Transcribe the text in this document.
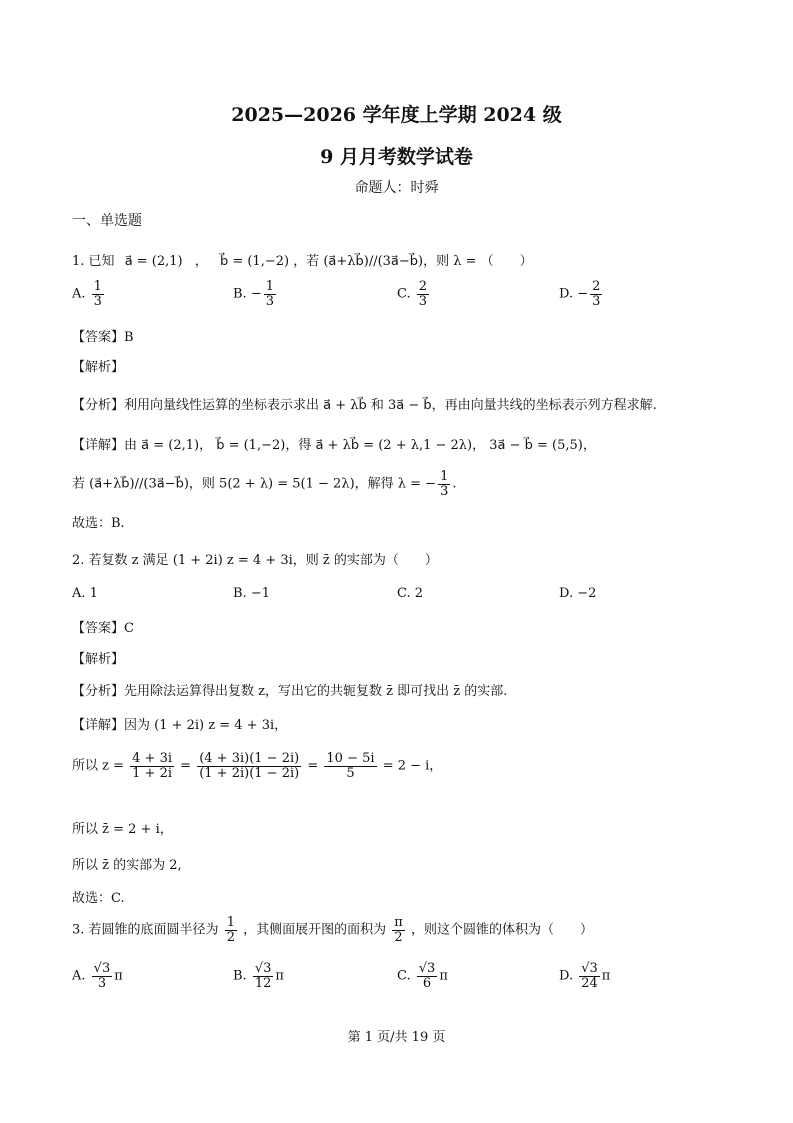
2025—2026 学年度上学期 2024 级
9 月月考数学试卷
命题人：时舜
一、单选题
1. 已知 a⃗ = (2,1) ， b⃗ = (1,−2) ，若 (a⃗+λb⃗)//(3a⃗−b⃗)，则 λ = （　　）
A. $\frac{1}{3}$	B. − $\frac{1}{3}$	C. $\frac{2}{3}$	D. − $\frac{2}{3}$
【答案】B
【解析】
【分析】利用向量线性运算的坐标表示求出 a⃗ + λb⃗ 和 3a⃗ − b⃗，再由向量共线的坐标表示列方程求解.
【详解】由 a⃗ = (2,1)， b⃗ = (1,−2)，得 a⃗ + λb⃗ = (2 + λ,1 − 2λ)， 3a⃗ − b⃗ = (5,5)，
若 (a⃗+λb⃗)//(3a⃗−b⃗)，则 5(2 + λ) = 5(1 − 2λ)，解得 λ = − $\frac{1}{3}$ .
故选：B.
2. 若复数 z 满足 (1 + 2i) z = 4 + 3i，则 z̄ 的实部为（　　）
A. 1	B. −1	C. 2	D. −2
【答案】C
【解析】
【分析】先用除法运算得出复数 z，写出它的共轭复数 z̄ 即可找出 z̄ 的实部.
【详解】因为 (1 + 2i) z = 4 + 3i，
所以 $z = \frac{4 + 3i}{1 + 2i} = \frac{(4 + 3i)(1 - 2i)}{(1 + 2i)(1 - 2i)} = \frac{10 - 5i}{5} = 2 - i$，
所以 z̄ = 2 + i，
所以 z̄ 的实部为 2,
故选：C.
3. 若圆锥的底面圆半径为 $\frac{1}{2}$ ，其侧面展开图的面积为 $\frac{\pi}{2}$ ，则这个圆锥的体积为（　　）
A. $\frac{√3}{3}$ π	B. $\frac{√3}{12}$ π	C. $\frac{√3}{6}$ π	D. $\frac{√3}{24}$ π
第 1 页/共 19 页
